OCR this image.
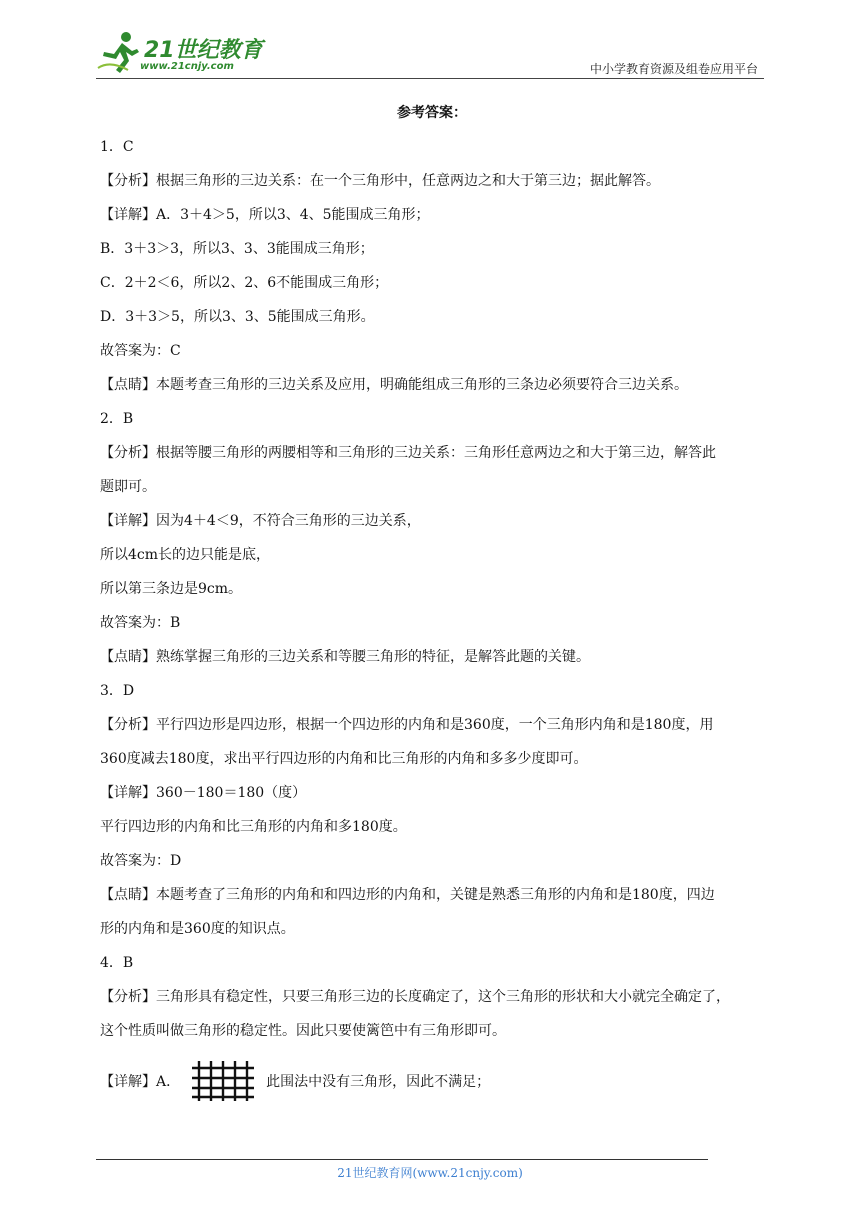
21世纪教育
www.21cnjy.com	中小学教育资源及组卷应用平台

参考答案：

1．C

【分析】根据三角形的三边关系：在一个三角形中，任意两边之和大于第三边；据此解答。

【详解】A．3＋4＞5，所以3、4、5能围成三角形；

B．3＋3＞3，所以3、3、3能围成三角形；

C．2＋2＜6，所以2、2、6不能围成三角形；

D．3＋3＞5，所以3、3、5能围成三角形。

故答案为：C

【点睛】本题考查三角形的三边关系及应用，明确能组成三角形的三条边必须要符合三边关系。

2．B

【分析】根据等腰三角形的两腰相等和三角形的三边关系：三角形任意两边之和大于第三边，解答此

题即可。

【详解】因为4＋4＜9，不符合三角形的三边关系，

所以4cm长的边只能是底，

所以第三条边是9cm。

故答案为：B

【点睛】熟练掌握三角形的三边关系和等腰三角形的特征，是解答此题的关键。

3．D

【分析】平行四边形是四边形，根据一个四边形的内角和是360度，一个三角形内角和是180度，用

360度减去180度，求出平行四边形的内角和比三角形的内角和多多少度即可。

【详解】360－180＝180（度）

平行四边形的内角和比三角形的内角和多180度。

故答案为：D

【点睛】本题考查了三角形的内角和和四边形的内角和，关键是熟悉三角形的内角和是180度，四边

形的内角和是360度的知识点。

4．B

【分析】三角形具有稳定性，只要三角形三边的长度确定了，这个三角形的形状和大小就完全确定了，

这个性质叫做三角形的稳定性。因此只要使篱笆中有三角形即可。

【详解】A．	此围法中没有三角形，因此不满足；
21世纪教育网(www.21cnjy.com)
